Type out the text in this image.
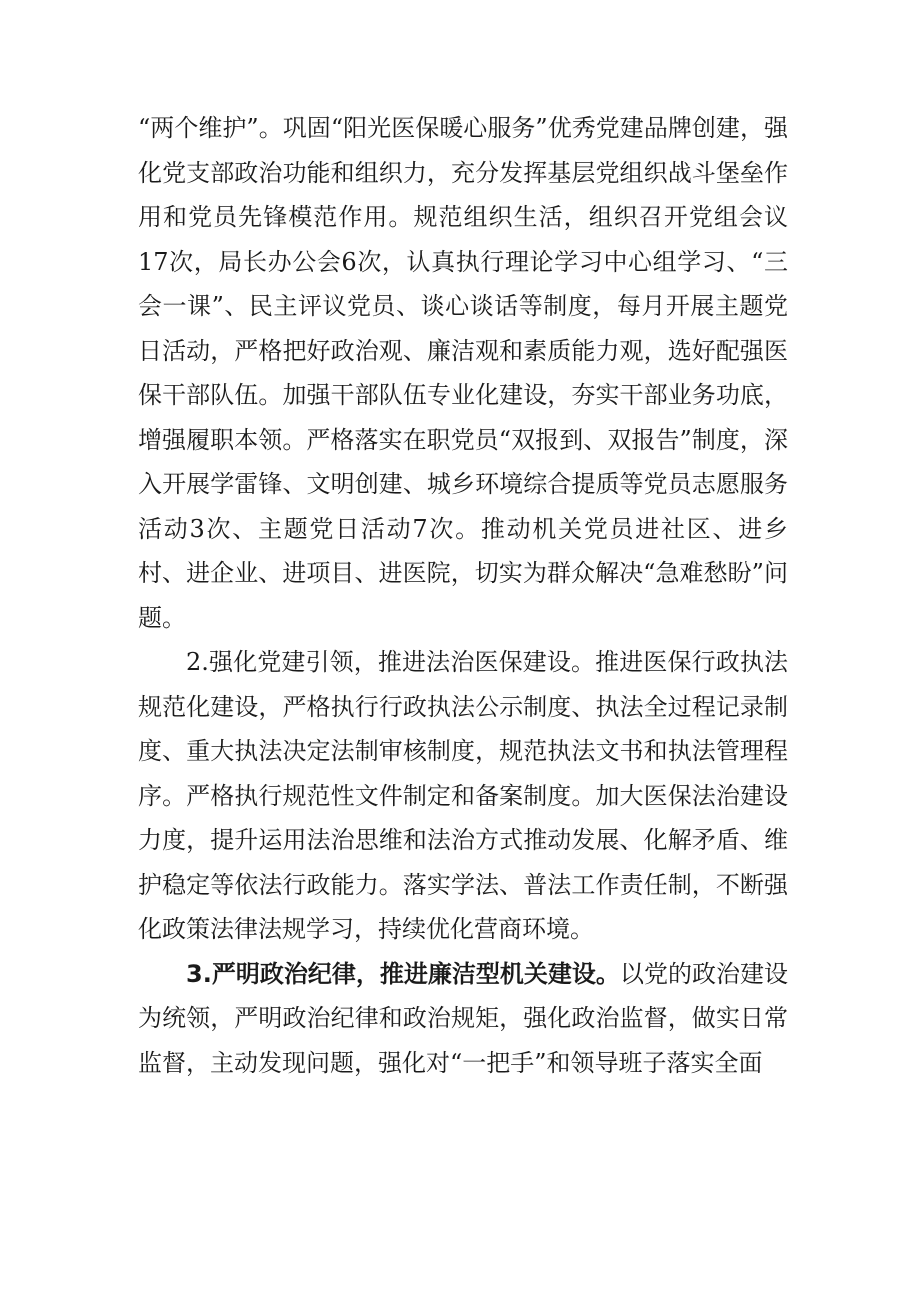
“两个维护”。巩固“阳光医保暖心服务”优秀党建品牌创建，强化党支部政治功能和组织力，充分发挥基层党组织战斗堡垒作用和党员先锋模范作用。规范组织生活，组织召开党组会议17次，局长办公会6次，认真执行理论学习中心组学习、“三会一课”、民主评议党员、谈心谈话等制度，每月开展主题党日活动，严格把好政治观、廉洁观和素质能力观，选好配强医保干部队伍。加强干部队伍专业化建设，夯实干部业务功底，增强履职本领。严格落实在职党员“双报到、双报告”制度，深入开展学雷锋、文明创建、城乡环境综合提质等党员志愿服务活动3次、主题党日活动7次。推动机关党员进社区、进乡村、进企业、进项目、进医院，切实为群众解决“急难愁盼”问题。

2.强化党建引领，推进法治医保建设。推进医保行政执法规范化建设，严格执行行政执法公示制度、执法全过程记录制度、重大执法决定法制审核制度，规范执法文书和执法管理程序。严格执行规范性文件制定和备案制度。加大医保法治建设力度，提升运用法治思维和法治方式推动发展、化解矛盾、维护稳定等依法行政能力。落实学法、普法工作责任制，不断强化政策法律法规学习，持续优化营商环境。

3.严明政治纪律，推进廉洁型机关建设。以党的政治建设为统领，严明政治纪律和政治规矩，强化政治监督，做实日常监督，主动发现问题，强化对“一把手”和领导班子落实全面
